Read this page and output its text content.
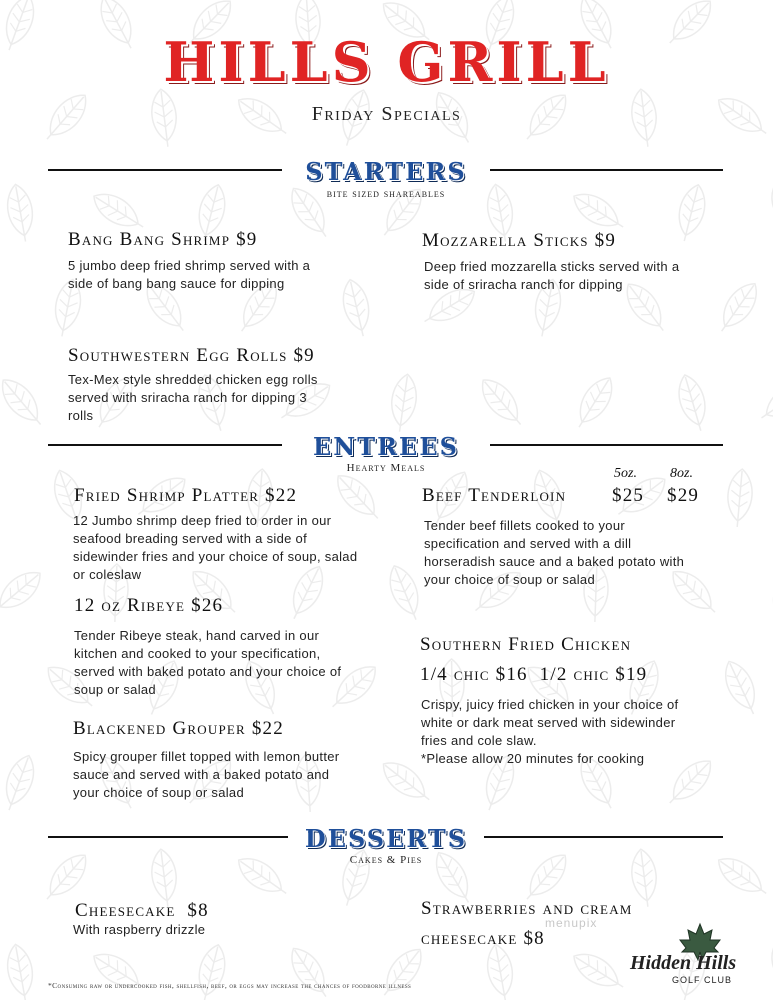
HILLS GRILL
Friday Specials
STARTERS
bite sized shareables
Bang Bang Shrimp $9
5 jumbo deep fried shrimp served with a side of bang bang sauce for dipping
Mozzarella Sticks $9
Deep fried mozzarella sticks served with a side of sriracha ranch for dipping
Southwestern Egg Rolls $9
Tex-Mex style shredded chicken egg rolls served with sriracha ranch for dipping 3 rolls
ENTREES
Hearty Meals	5oz. 8oz.
Fried Shrimp Platter $22
12 Jumbo shrimp deep fried to order in our seafood breading served with a side of sidewinder fries and your choice of soup, salad or coleslaw
12 oz Ribeye $26
Tender Ribeye steak, hand carved in our kitchen and cooked to your specification, served with baked potato and your choice of soup or salad
Blackened Grouper $22
Spicy grouper fillet topped with lemon butter sauce and served with a baked potato and your choice of soup or salad
Beef Tenderloin $25 $29
Tender beef fillets cooked to your specification and served with a dill horseradish sauce and a baked potato with your choice of soup or salad
Southern Fried Chicken
1/4 chic $16  1/2 chic $19
Crispy, juicy fried chicken in your choice of white or dark meat served with sidewinder fries and cole slaw.
*Please allow 20 minutes for cooking
DESSERTS
Cakes & Pies
Cheesecake  $8
With raspberry drizzle
Strawberries and cream
cheesecake $8
menupix
*Consuming raw or undercooked fish, shellfish, beef, or eggs may increase the chances of foodborne illness
Hidden Hills
GOLF CLUB
